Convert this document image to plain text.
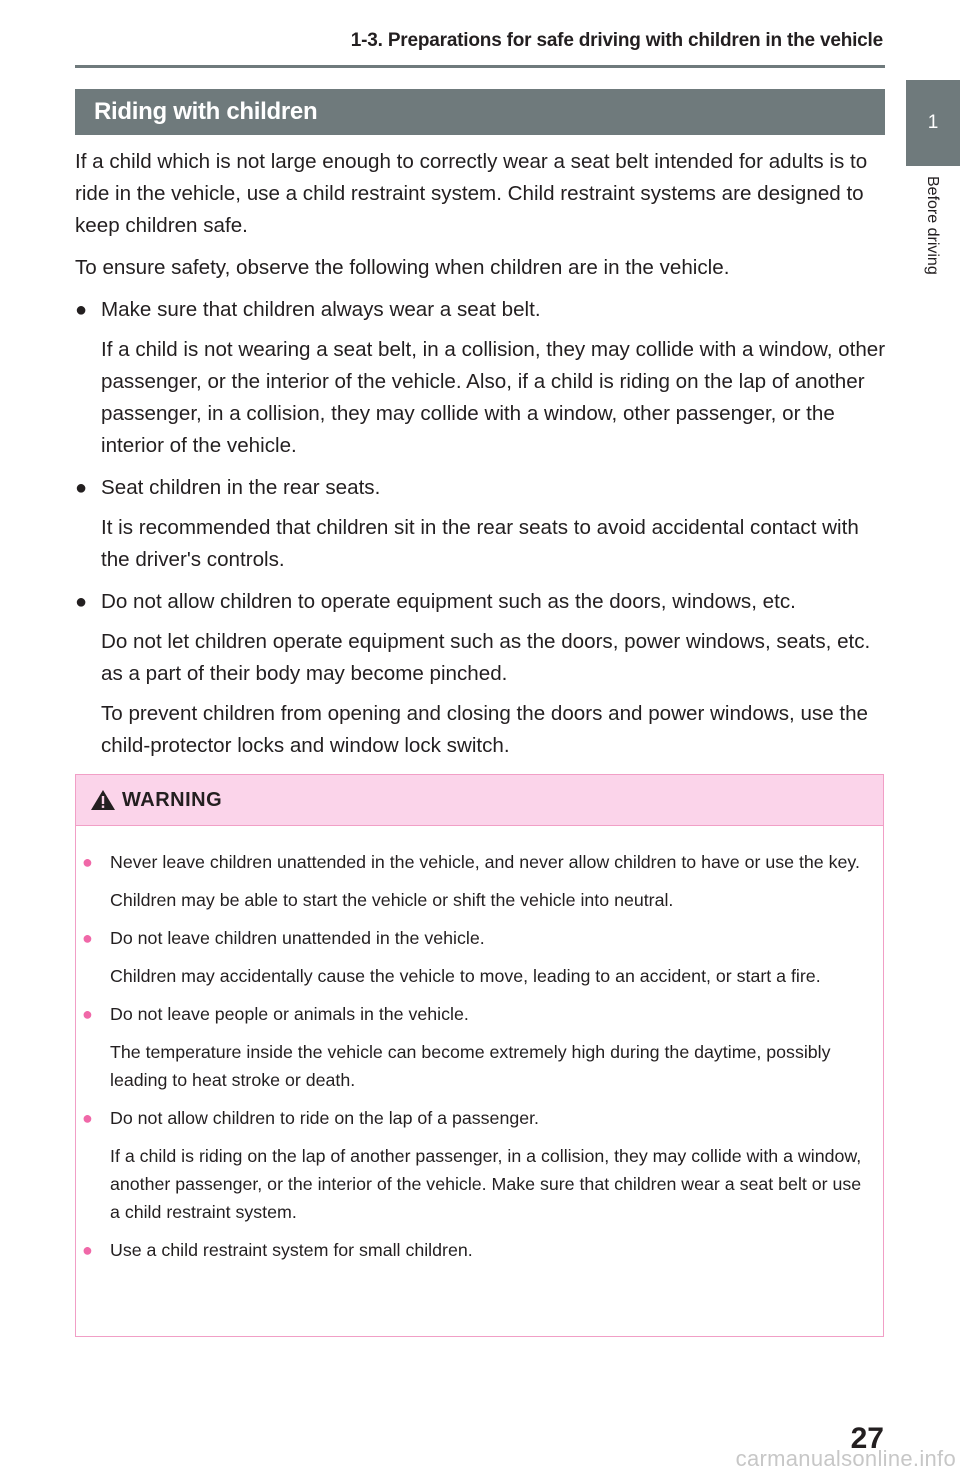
1-3. Preparations for safe driving with children in the vehicle
1
Before driving
Riding with children

If a child which is not large enough to correctly wear a seat belt intended for adults is to ride in the vehicle, use a child restraint system. Child restraint systems are designed to keep children safe.

To ensure safety, observe the following when children are in the vehicle.

● Make sure that children always wear a seat belt.

If a child is not wearing a seat belt, in a collision, they may collide with a window, other passenger, or the interior of the vehicle. Also, if a child is riding on the lap of another passenger, in a collision, they may collide with a window, other passenger, or the interior of the vehicle.

● Seat children in the rear seats.

It is recommended that children sit in the rear seats to avoid accidental contact with the driver's controls.

● Do not allow children to operate equipment such as the doors, windows, etc.

Do not let children operate equipment such as the doors, power windows, seats, etc. as a part of their body may become pinched.

To prevent children from opening and closing the doors and power windows, use the child-protector locks and window lock switch.

WARNING
● Never leave children unattended in the vehicle, and never allow children to have or use the key.
Children may be able to start the vehicle or shift the vehicle into neutral.
● Do not leave children unattended in the vehicle.
Children may accidentally cause the vehicle to move, leading to an accident, or start a fire.
● Do not leave people or animals in the vehicle.
The temperature inside the vehicle can become extremely high during the daytime, possibly leading to heat stroke or death.
● Do not allow children to ride on the lap of a passenger.
If a child is riding on the lap of another passenger, in a collision, they may collide with a window, another passenger, or the interior of the vehicle. Make sure that children wear a seat belt or use a child restraint system.
● Use a child restraint system for small children.
27
carmanualsonline.info
